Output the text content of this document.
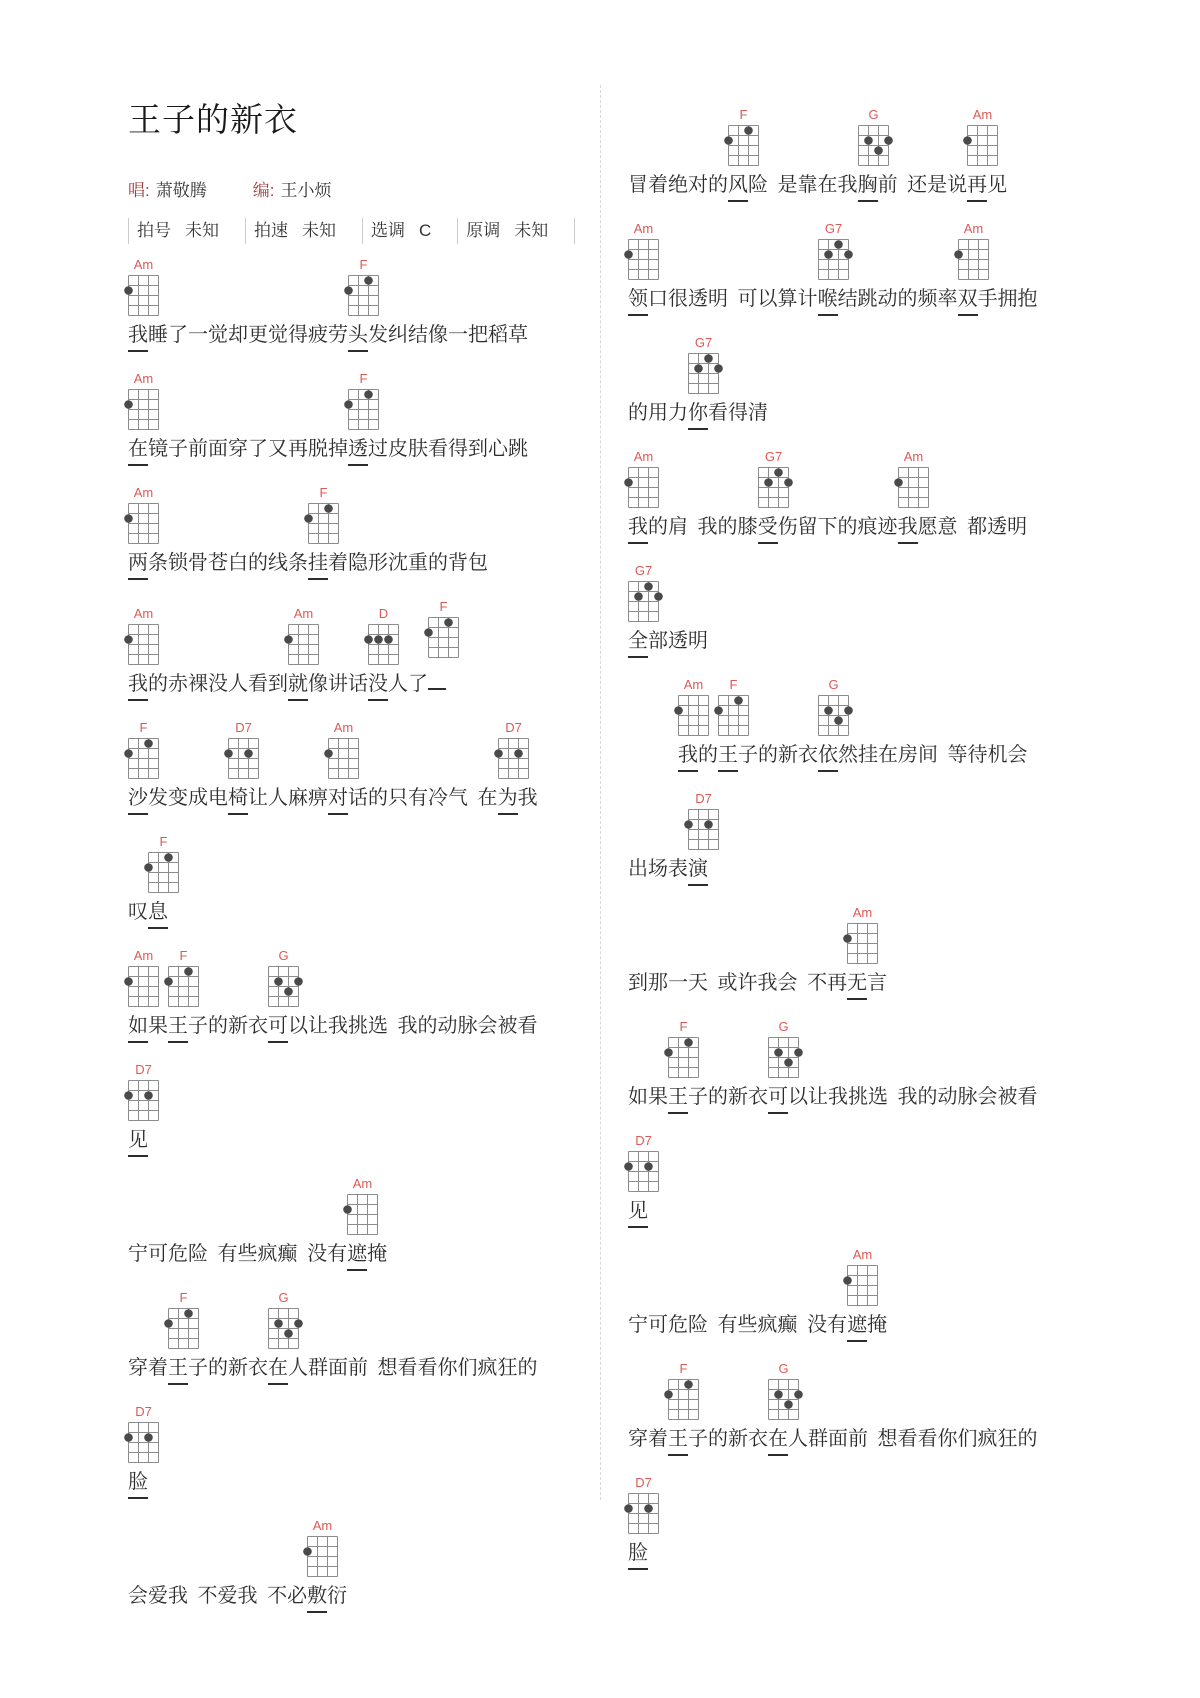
王子的新衣
唱: 萧敬腾	编: 王小烦
拍号 未知 拍速 未知 选调 C 原调 未知
我
Am
睡了一觉却更觉得疲劳头
F
发纠结像一把稻草
在
Am
镜子前面穿了又再脱掉透
F
过皮肤看得到心跳
两
Am
条锁骨苍白的线条挂
F
着隐形沈重的背包
我
Am
的赤裸没人看到就
Am
像讲话没
D
人了
F
沙
F
发变成电椅
D7
让人麻痹对
Am
话的只有冷气 在为
D7
我
叹息
F
如
Am
果王
F
子的新衣可
G
以让我挑选 我的动脉会被看
见
D7
宁可危险 有些疯癫 没有遮
Am
掩
穿着王
F
子的新衣在
G
人群面前 想看看你们疯狂的
脸
D7
会爱我 不爱我 不必敷
Am
衍
冒着绝对的风
F
险 是靠在我胸
G
前 还是说再
Am
见
领
Am
口很透明 可以算计喉
G7
结跳动的频率双
Am
手拥抱
的用力你
G7
看得清
我
Am
的肩 我的膝受
G7
伤留下的痕迹我
Am
愿意 都透明
全
G7
部透明
我
Am
的王
F
子的新衣依
G
然挂在房间 等待机会
出场表演
D7
到那一天 或许我会 不再无
Am
言
如果王
F
子的新衣可
G
以让我挑选 我的动脉会被看
见
D7
宁可危险 有些疯癫 没有遮
Am
掩
穿着王
F
子的新衣在
G
人群面前 想看看你们疯狂的
脸
D7
